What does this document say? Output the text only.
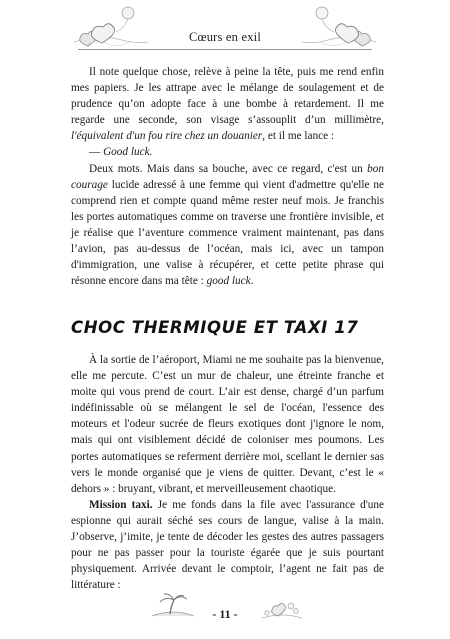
Cœurs en exil

Il note quelque chose, relève à peine la tête, puis me rend enfin mes papiers. Je les attrape avec le mélange de soulagement et de prudence qu’on adopte face à une bombe à retardement. Il me regarde une seconde, son visage s’assouplit d’un millimètre, l'équivalent d'un fou rire chez un douanier, et il me lance :

— Good luck.

Deux mots. Mais dans sa bouche, avec ce regard, c'est un bon courage lucide adressé à une femme qui vient d'admettre qu'elle ne comprend rien et compte quand même rester neuf mois. Je franchis les portes automatiques comme on traverse une frontière invisible, et je réalise que l’aventure commence vraiment maintenant, pas dans l’avion, pas au-dessus de l’océan, mais ici, avec un tampon d'immigration, une valise à récupérer, et cette petite phrase qui résonne encore dans ma tête : good luck.

CHOC THERMIQUE ET TAXI 17

À la sortie de l’aéroport, Miami ne me souhaite pas la bienvenue, elle me percute. C’est un mur de chaleur, une étreinte franche et moite qui vous prend de court. L’air est dense, chargé d’un parfum indéfinissable où se mélangent le sel de l'océan, l'essence des moteurs et l'odeur sucrée de fleurs exotiques dont j'ignore le nom, mais qui ont visiblement décidé de coloniser mes poumons. Les portes automatiques se referment derrière moi, scellant le dernier sas vers le monde organisé que je viens de quitter. Devant, c’est le « dehors » : bruyant, vibrant, et merveilleusement chaotique.

Mission taxi. Je me fonds dans la file avec l'assurance d'une espionne qui aurait séché ses cours de langue, valise à la main. J’observe, j’imite, je tente de décoder les gestes des autres passagers pour ne pas passer pour la touriste égarée que je suis pourtant physiquement. Arrivée devant le comptoir, l’agent ne fait pas de littérature :

- 11 -
